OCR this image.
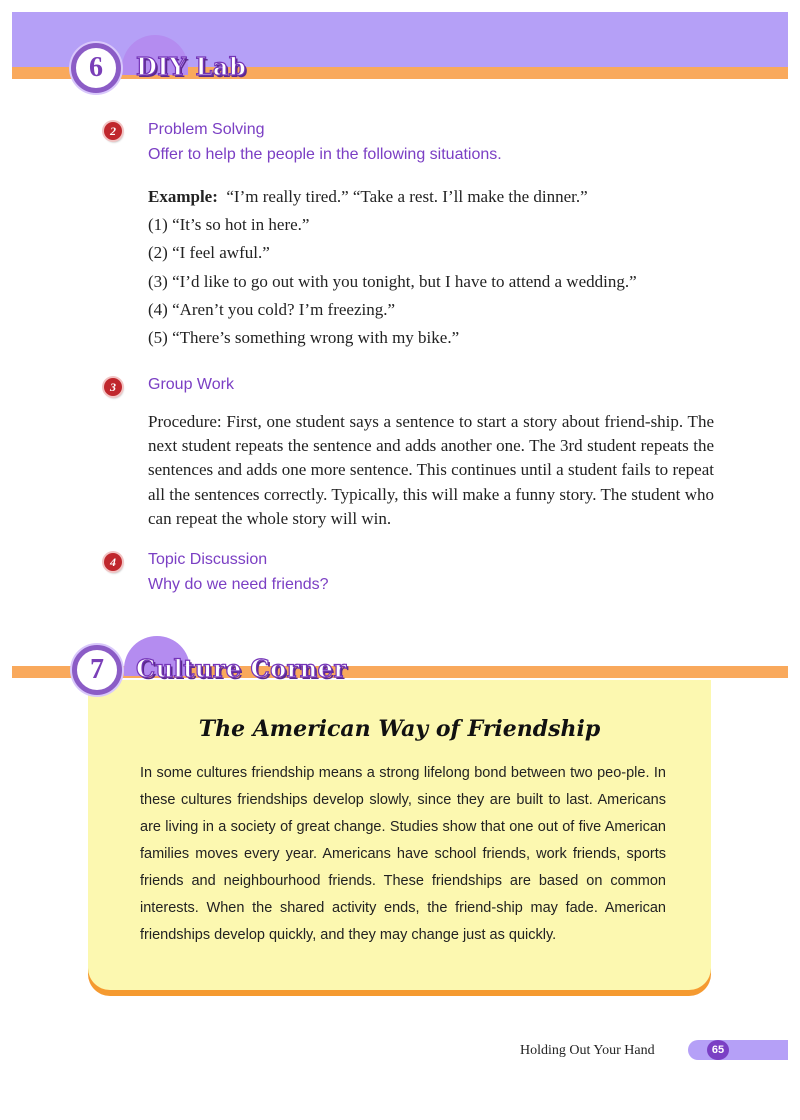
6	DIY Lab
2	Problem Solving
Offer to help the people in the following situations.
Example: “I’m really tired.” “Take a rest. I’ll make the dinner.”
(1) “It’s so hot in here.”
(2) “I feel awful.”
(3) “I’d like to go out with you tonight, but I have to attend a wedding.”
(4) “Aren’t you cold? I’m freezing.”
(5) “There’s something wrong with my bike.”
3	Group Work
Procedure: First, one student says a sentence to start a story about friend-ship. The next student repeats the sentence and adds another one. The 3rd student repeats the sentences and adds one more sentence. This continues until a student fails to repeat all the sentences correctly. Typically, this will make a funny story. The student who can repeat the whole story will win.
4	Topic Discussion
Why do we need friends?
The American Way of Friendship
In some cultures friendship means a strong lifelong bond between two peo-ple. In these cultures friendships develop slowly, since they are built to last. Americans are living in a society of great change. Studies show that one out of five American families moves every year. Americans have school friends, work friends, sports friends and neighbourhood friends. These friendships are based on common interests. When the shared activity ends, the friend-ship may fade. American friendships develop quickly, and they may change just as quickly.
7	Culture Corner
Holding Out Your Hand	65
